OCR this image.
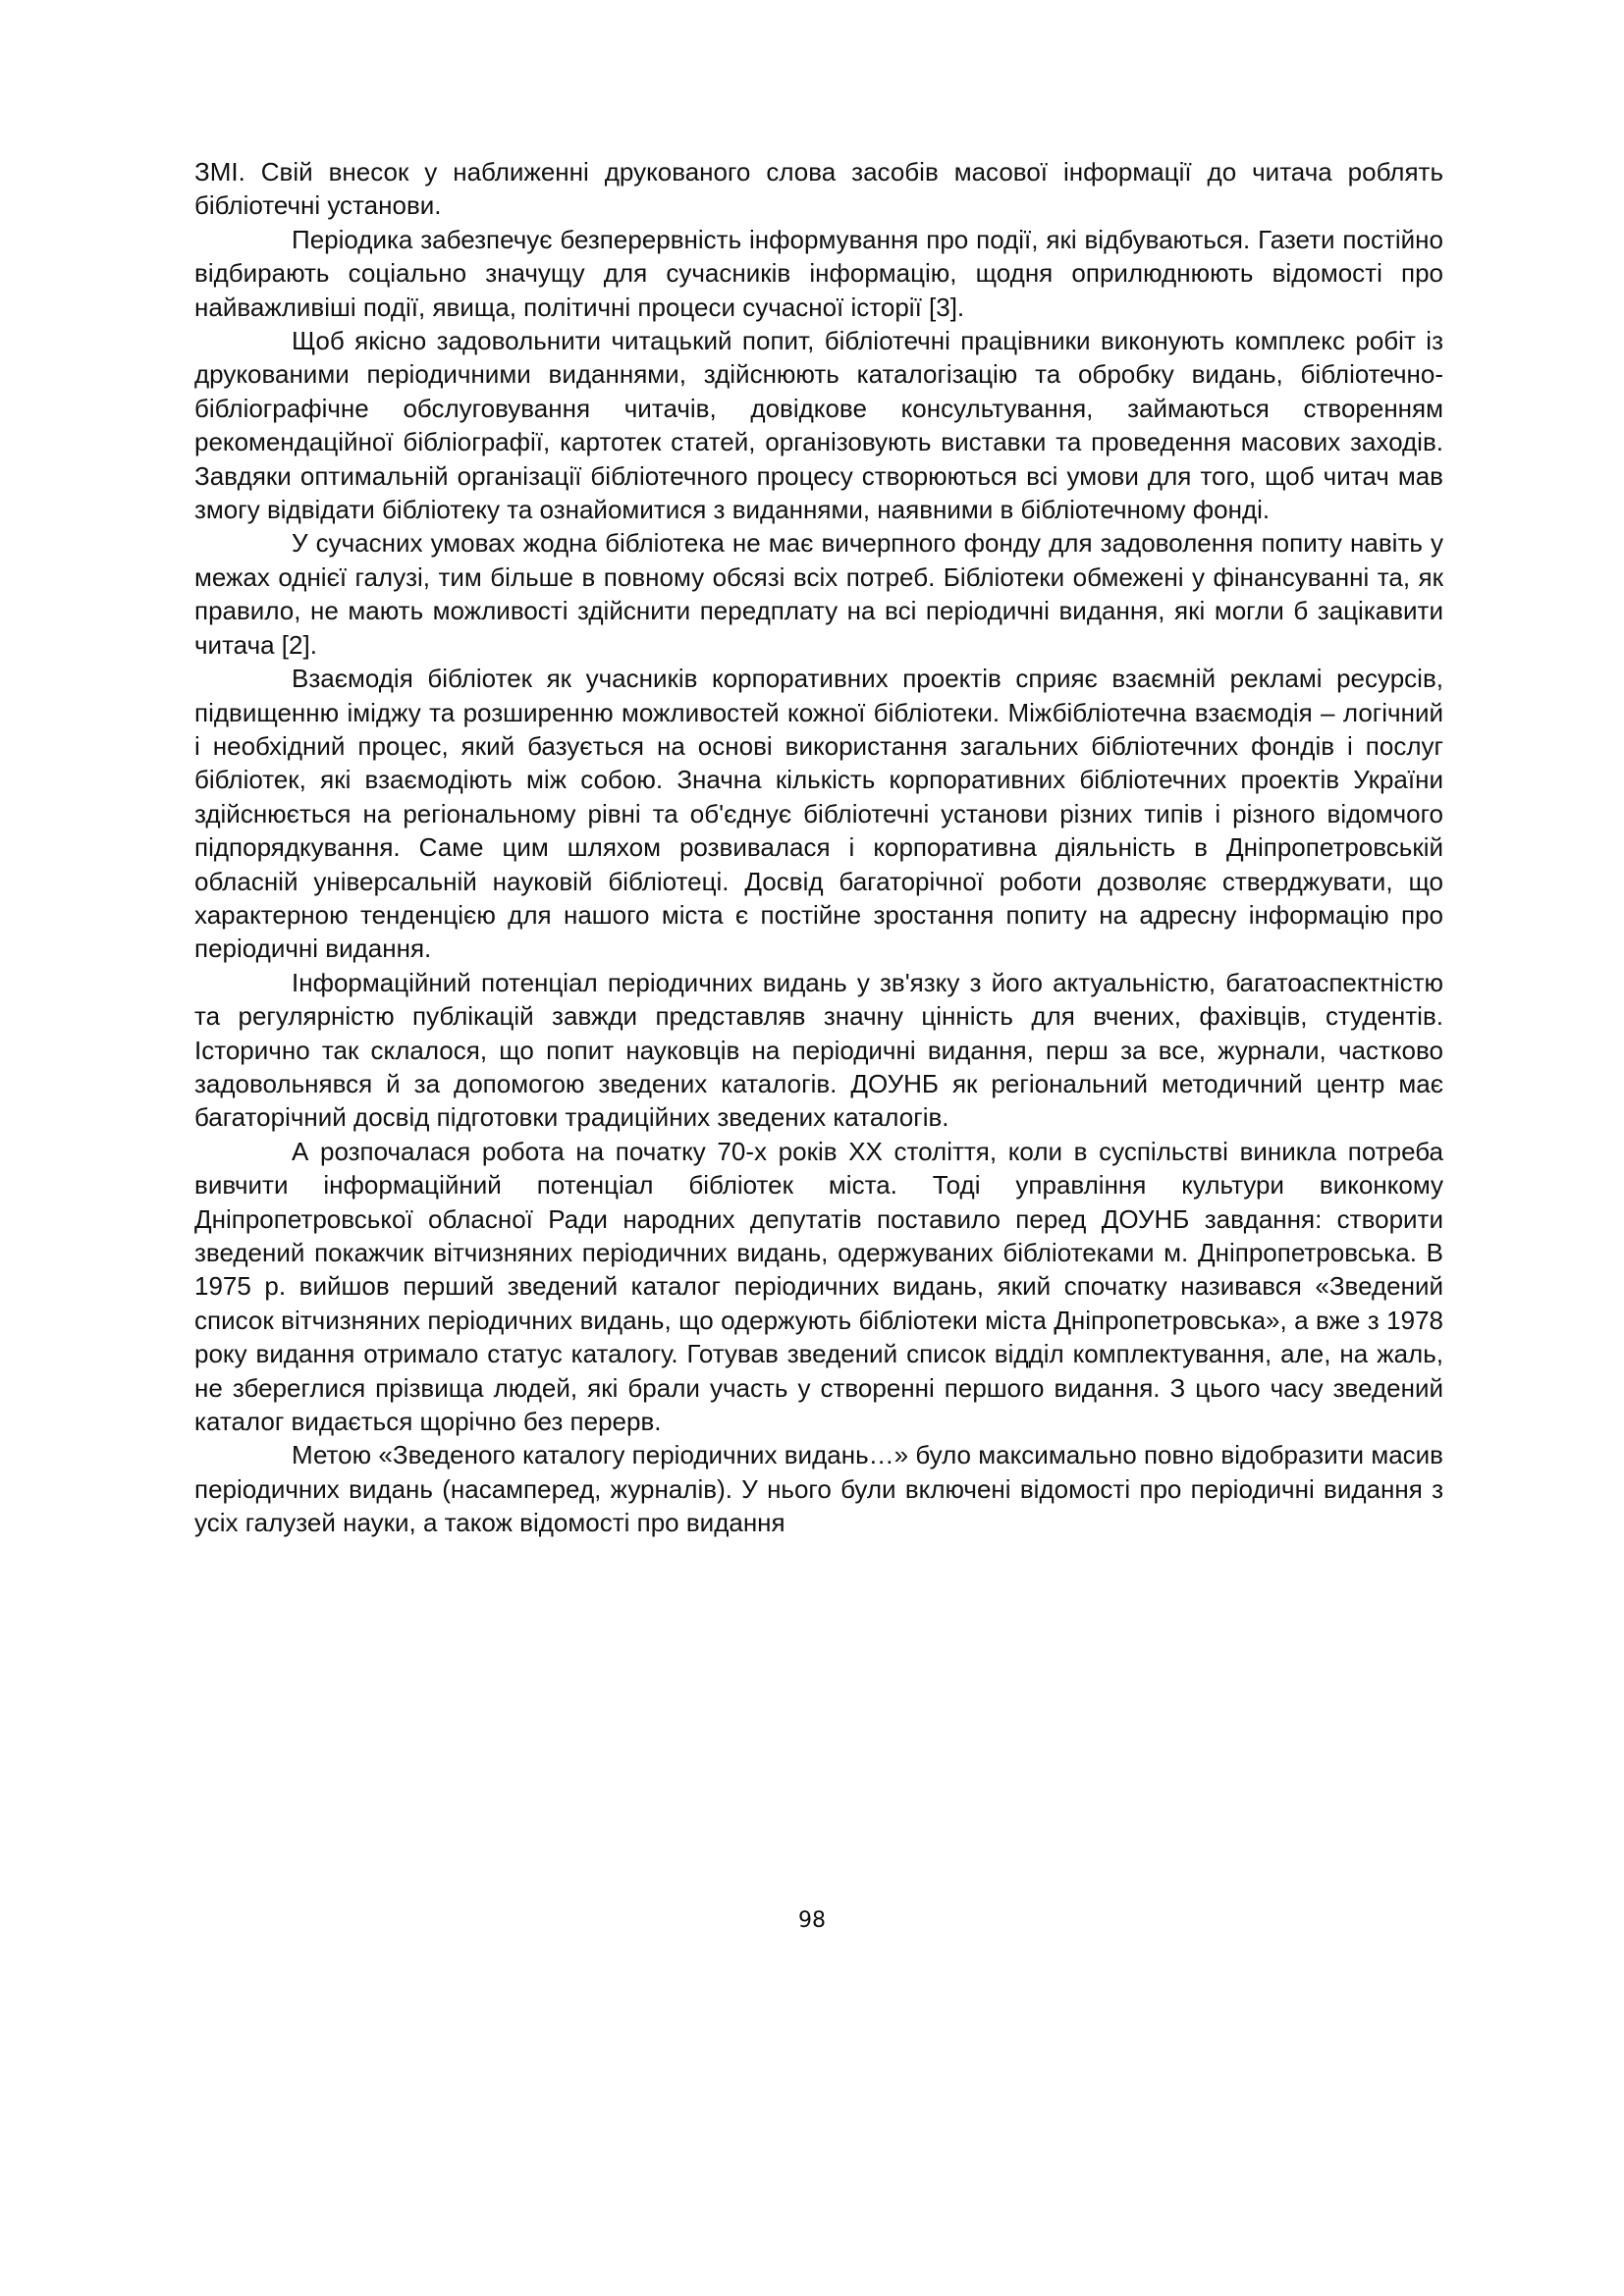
ЗМІ. Свій внесок у наближенні друкованого слова засобів масової інформації до читача роблять бібліотечні установи.

Періодика забезпечує безперервність інформування про події, які відбуваються. Газети постійно відбирають соціально значущу для сучасників інформацію, щодня оприлюднюють відомості про найважливіші події, явища, політичні процеси сучасної історії [3].

Щоб якісно задовольнити читацький попит, бібліотечні працівники виконують комплекс робіт із друкованими періодичними виданнями, здійснюють каталогізацію та обробку видань, бібліотечно-бібліографічне обслуговування читачів, довідкове консультування, займаються створенням рекомендаційної бібліографії, картотек статей, організовують виставки та проведення масових заходів. Завдяки оптимальній організації бібліотечного процесу створюються всі умови для того, щоб читач мав змогу відвідати бібліотеку та ознайомитися з виданнями, наявними в бібліотечному фонді.

У сучасних умовах жодна бібліотека не має вичерпного фонду для задоволення попиту навіть у межах однієї галузі, тим більше в повному обсязі всіх потреб. Бібліотеки обмежені у фінансуванні та, як правило, не мають можливості здійснити передплату на всі періодичні видання, які могли б зацікавити читача [2].

Взаємодія бібліотек як учасників корпоративних проектів сприяє взаємній рекламі ресурсів, підвищенню іміджу та розширенню можливостей кожної бібліотеки. Міжбібліотечна взаємодія – логічний і необхідний процес, який базується на основі використання загальних бібліотечних фондів і послуг бібліотек, які взаємодіють між собою. Значна кількість корпоративних бібліотечних проектів України здійснюється на регіональному рівні та об'єднує бібліотечні установи різних типів і різного відомчого підпорядкування. Саме цим шляхом розвивалася і корпоративна діяльність в Дніпропетровській обласній універсальній науковій бібліотеці. Досвід багаторічної роботи дозволяє стверджувати, що характерною тенденцією для нашого міста є постійне зростання попиту на адресну інформацію про періодичні видання.

Інформаційний потенціал періодичних видань у зв'язку з його актуальністю, багатоаспектністю та регулярністю публікацій завжди представляв значну цінність для вчених, фахівців, студентів. Історично так склалося, що попит науковців на періодичні видання, перш за все, журнали, частково задовольнявся й за допомогою зведених каталогів. ДОУНБ як регіональний методичний центр має багаторічний досвід підготовки традиційних зведених каталогів.

А розпочалася робота на початку 70-х років ХХ століття, коли в суспільстві виникла потреба вивчити інформаційний потенціал бібліотек міста. Тоді управління культури виконкому Дніпропетровської обласної Ради народних депутатів поставило перед ДОУНБ завдання: створити зведений покажчик вітчизняних періодичних видань, одержуваних бібліотеками м. Дніпропетровська. В 1975 р. вийшов перший зведений каталог періодичних видань, який спочатку називався «Зведений список вітчизняних періодичних видань, що одержують бібліотеки міста Дніпропетровська», а вже з 1978 року видання отримало статус каталогу. Готував зведений список відділ комплектування, але, на жаль, не збереглися прізвища людей, які брали участь у створенні першого видання. З цього часу зведений каталог видається щорічно без перерв.

Метою «Зведеного каталогу періодичних видань…» було максимально повно відобразити масив періодичних видань (насамперед, журналів). У нього були включені відомості про періодичні видання з усіх галузей науки, а також відомості про видання

98
